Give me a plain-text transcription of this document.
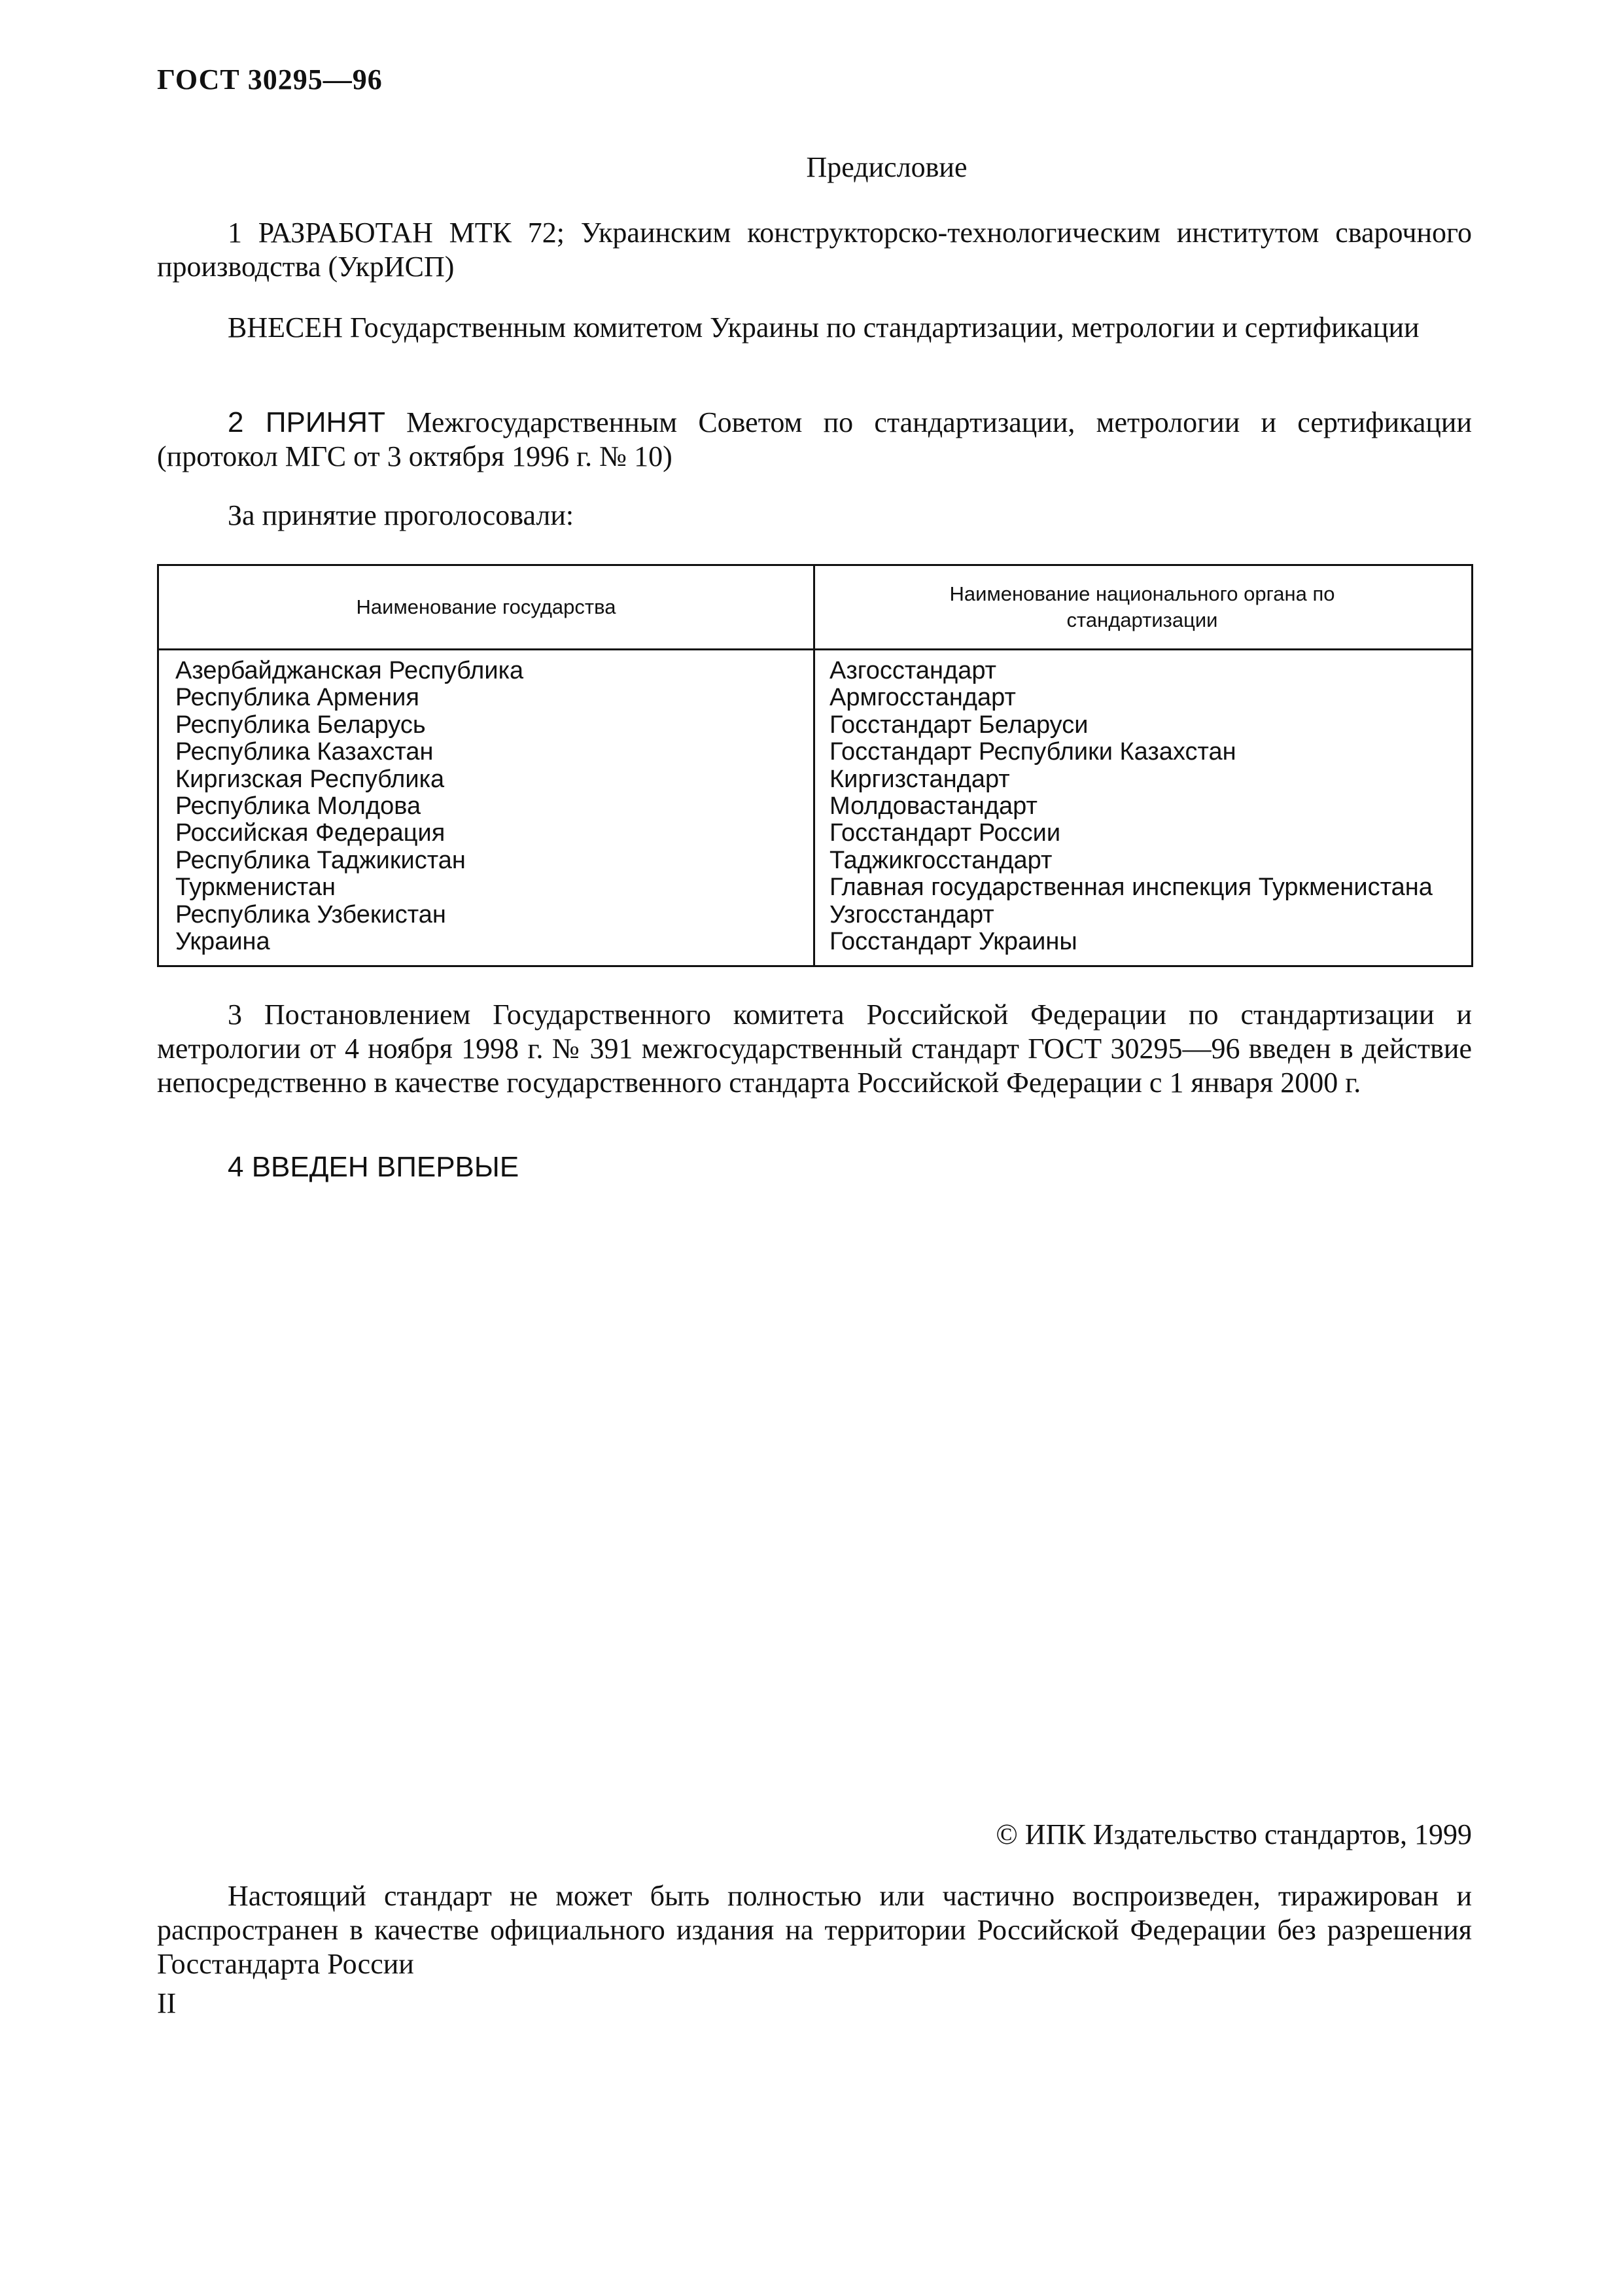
ГОСТ 30295—96
Предисловие
1 РАЗРАБОТАН МТК 72; Украинским конструкторско-технологическим институтом сварочного производства (УкрИСП)
ВНЕСЕН Государственным комитетом Украины по стандартизации, метрологии и сертификации
2 ПРИНЯТ Межгосударственным Советом по стандартизации, метрологии и сертификации (протокол МГС от 3 октября 1996 г. № 10)
За принятие проголосовали:
Наименование государства
Наименование национального органа по стандартизации
Азербайджанская Республика
Республика Армения
Республика Беларусь
Республика Казахстан
Киргизская Республика
Республика Молдова
Российская Федерация
Республика Таджикистан
Туркменистан
Республика Узбекистан
Украина
Азгосстандарт
Армгосстандарт
Госстандарт Беларуси
Госстандарт Республики Казахстан
Киргизстандарт
Молдовастандарт
Госстандарт России
Таджикгосстандарт
Главная государственная инспекция Туркменистана
Узгосстандарт
Госстандарт Украины
3 Постановлением Государственного комитета Российской Федерации по стандартизации и метрологии от 4 ноября 1998 г. № 391 межгосударственный стандарт ГОСТ 30295—96 введен в действие непосредственно в качестве государственного стандарта Российской Федерации с 1 января 2000 г.
4 ВВЕДЕН ВПЕРВЫЕ
© ИПК Издательство стандартов, 1999
Настоящий стандарт не может быть полностью или частично воспроизведен, тиражирован и распространен в качестве официального издания на территории Российской Федерации без разрешения Госстандарта России
II
